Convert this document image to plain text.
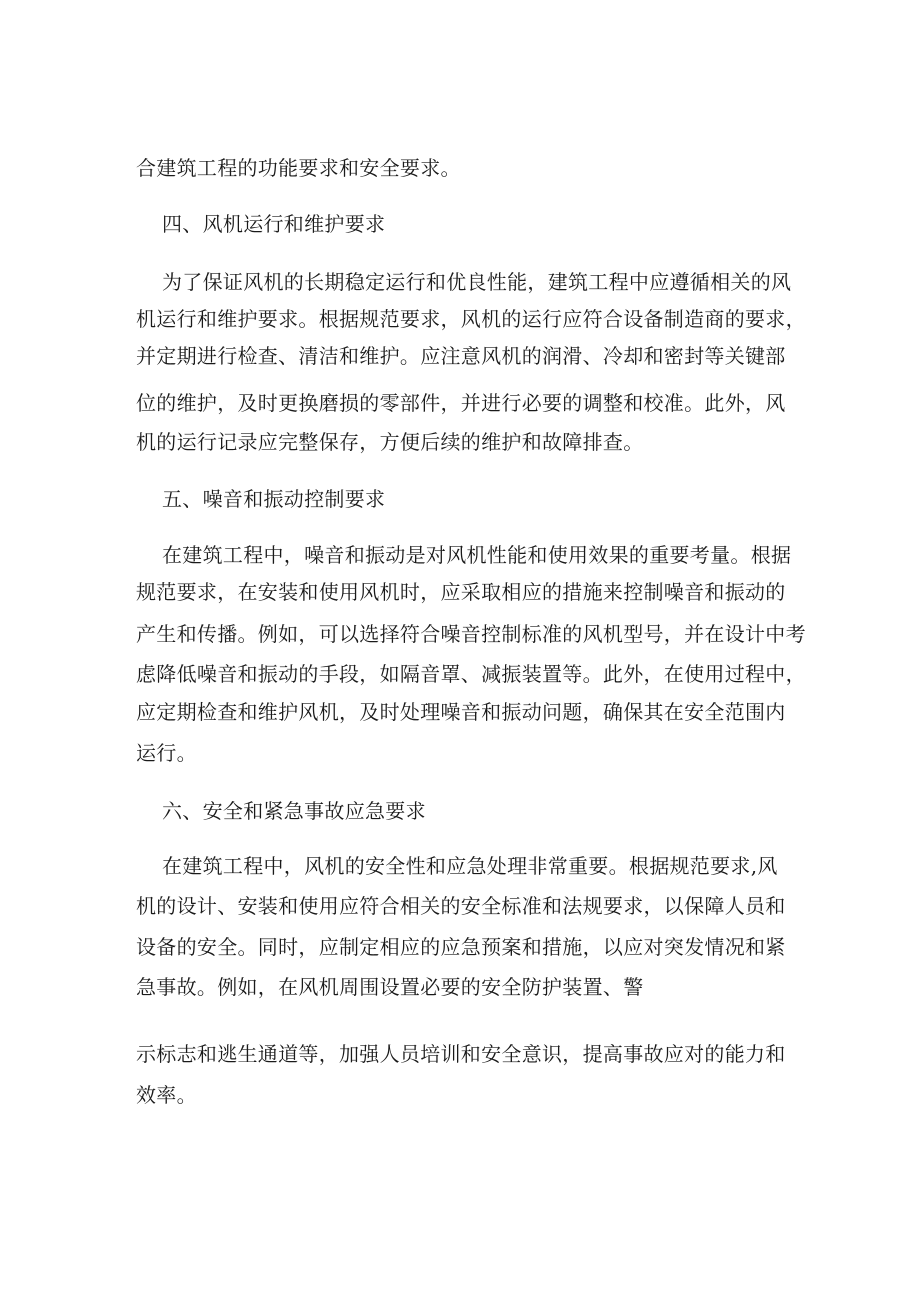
合建筑工程的功能要求和安全要求。
四、风机运行和维护要求
为了保证风机的长期稳定运行和优良性能，建筑工程中应遵循相关的风
机运行和维护要求。根据规范要求，风机的运行应符合设备制造商的要求，
并定期进行检查、清洁和维护。应注意风机的润滑、冷却和密封等关键部
位的维护，及时更换磨损的零部件，并进行必要的调整和校准。此外，风
机的运行记录应完整保存，方便后续的维护和故障排查。
五、噪音和振动控制要求
在建筑工程中，噪音和振动是对风机性能和使用效果的重要考量。根据
规范要求，在安装和使用风机时，应采取相应的措施来控制噪音和振动的
产生和传播。例如，可以选择符合噪音控制标准的风机型号，并在设计中考
虑降低噪音和振动的手段，如隔音罩、减振装置等。此外，在使用过程中，
应定期检查和维护风机，及时处理噪音和振动问题，确保其在安全范围内
运行。
六、安全和紧急事故应急要求
在建筑工程中，风机的安全性和应急处理非常重要。根据规范要求,风
机的设计、安装和使用应符合相关的安全标准和法规要求，以保障人员和
设备的安全。同时，应制定相应的应急预案和措施，以应对突发情况和紧
急事故。例如，在风机周围设置必要的安全防护装置、警
示标志和逃生通道等，加强人员培训和安全意识，提高事故应对的能力和
效率。
